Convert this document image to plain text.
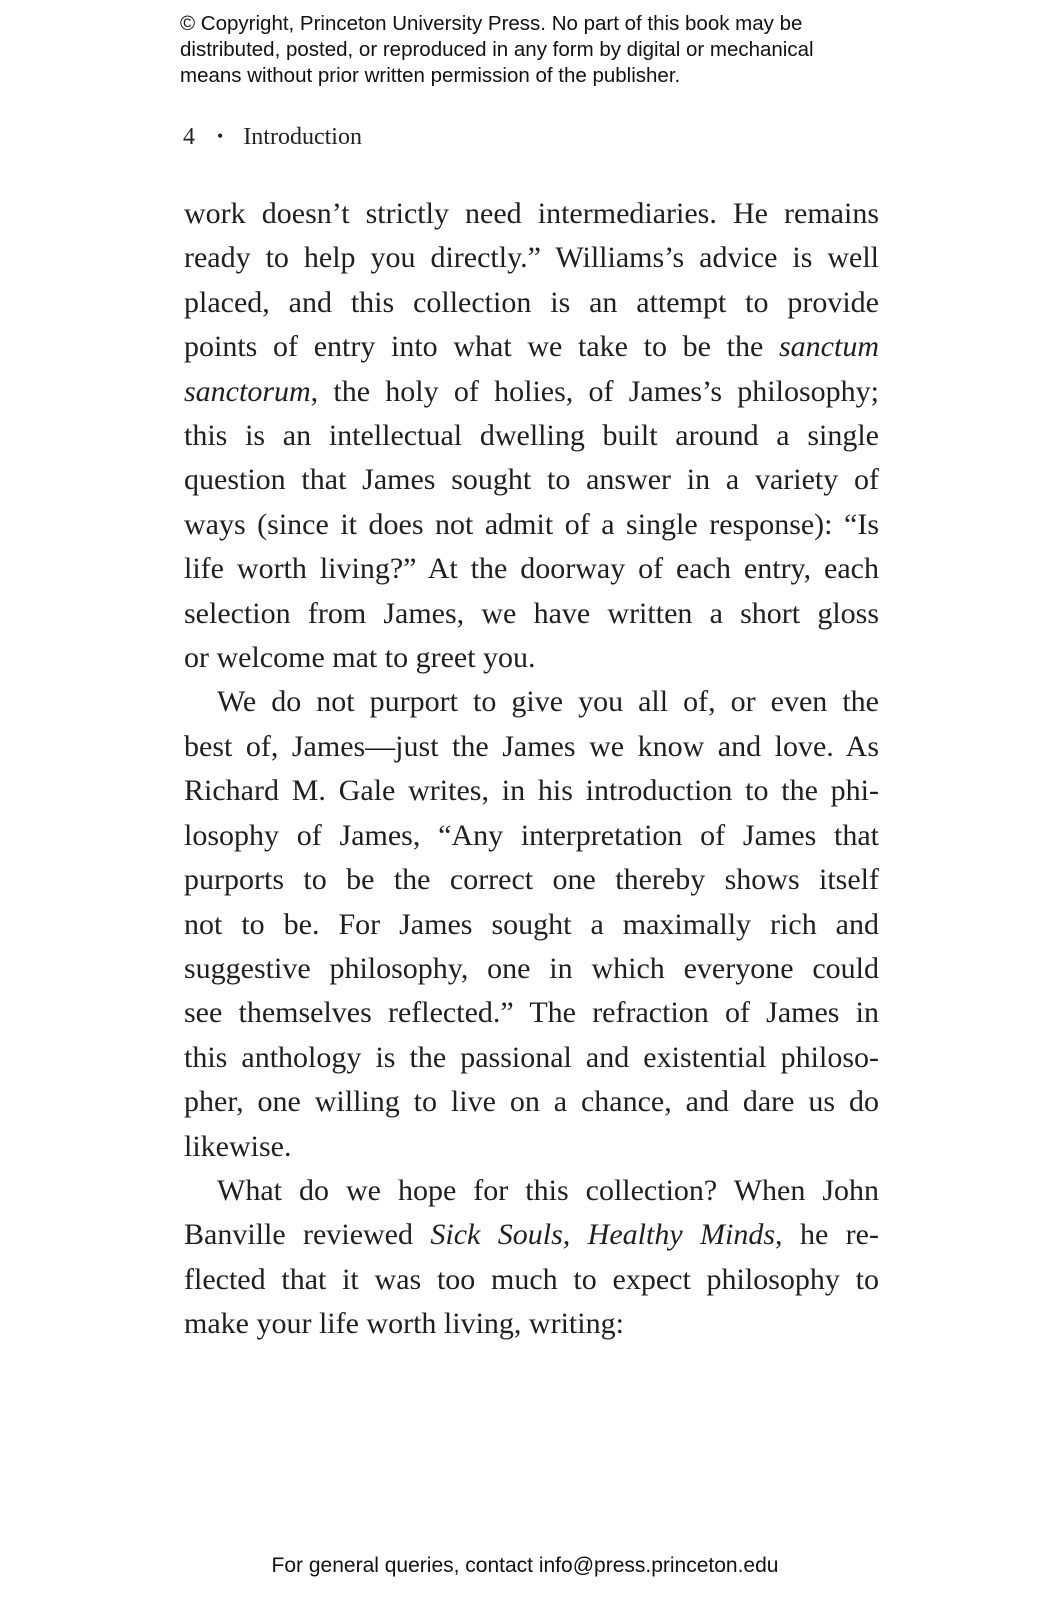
© Copyright, Princeton University Press. No part of this book may be
distributed, posted, or reproduced in any form by digital or mechanical
means without prior written permission of the publisher.
4 • Introduction

work doesn’t strictly need intermediaries. He remains
ready to help you directly.” Williams’s advice is well
placed, and this collection is an attempt to provide
points of entry into what we take to be the sanctum
sanctorum, the holy of holies, of James’s philosophy;
this is an intellectual dwelling built around a single
question that James sought to answer in a variety of
ways (since it does not admit of a single response): “Is
life worth living?” At the doorway of each entry, each
selection from James, we have written a short gloss
or welcome mat to greet you.

We do not purport to give you all of, or even the
best of, James—just the James we know and love. As
Richard M. Gale writes, in his introduction to the phi-
losophy of James, “Any interpretation of James that
purports to be the correct one thereby shows itself
not to be. For James sought a maximally rich and
suggestive philosophy, one in which everyone could
see themselves reflected.” The refraction of James in
this anthology is the passional and existential philoso-
pher, one willing to live on a chance, and dare us do
likewise.

What do we hope for this collection? When John
Banville reviewed Sick Souls, Healthy Minds, he re-
flected that it was too much to expect philosophy to
make your life worth living, writing:

For general queries, contact info@press.princeton.edu
